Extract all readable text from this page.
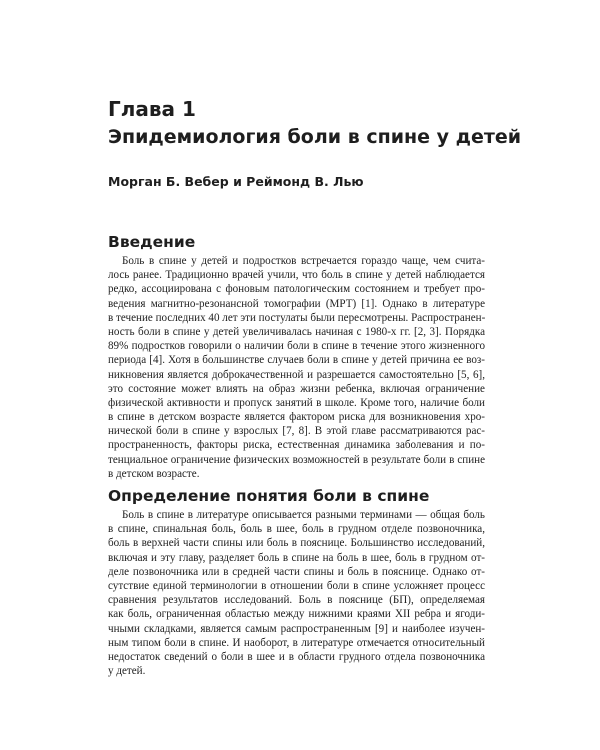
Глава 1
Эпидемиология боли в спине у детей
Морган Б. Вебер и Реймонд В. Лью
Введение
Боль в спине у детей и подростков встречается гораздо чаще, чем счита-
лось ранее. Традиционно врачей учили, что боль в спине у детей наблюдается
редко, ассоциирована с фоновым патологическим состоянием и требует про-
ведения магнитно-резонансной томографии (МРТ) [1]. Однако в литературе
в течение последних 40 лет эти постулаты были пересмотрены. Распространен-
ность боли в спине у детей увеличивалась начиная с 1980-х гг. [2, 3]. Порядка
89% подростков говорили о наличии боли в спине в течение этого жизненного
периода [4]. Хотя в большинстве случаев боли в спине у детей причина ее воз-
никновения является доброкачественной и разрешается самостоятельно [5, 6],
это состояние может влиять на образ жизни ребенка, включая ограничение
физической активности и пропуск занятий в школе. Кроме того, наличие боли
в спине в детском возрасте является фактором риска для возникновения хро-
нической боли в спине у взрослых [7, 8]. В этой главе рассматриваются рас-
пространенность, факторы риска, естественная динамика заболевания и по-
тенциальное ограничение физических возможностей в результате боли в спине
в детском возрасте.
Определение понятия боли в спине
Боль в спине в литературе описывается разными терминами — общая боль
в спине, спинальная боль, боль в шее, боль в грудном отделе позвоночника,
боль в верхней части спины или боль в пояснице. Большинство исследований,
включая и эту главу, разделяет боль в спине на боль в шее, боль в грудном от-
деле позвоночника или в средней части спины и боль в пояснице. Однако от-
сутствие единой терминологии в отношении боли в спине усложняет процесс
сравнения результатов исследований. Боль в пояснице (БП), определяемая
как боль, ограниченная областью между нижними краями XII ребра и ягоди-
чными складками, является самым распространенным [9] и наиболее изучен-
ным типом боли в спине. И наоборот, в литературе отмечается относительный
недостаток сведений о боли в шее и в области грудного отдела позвоночника
у детей.
